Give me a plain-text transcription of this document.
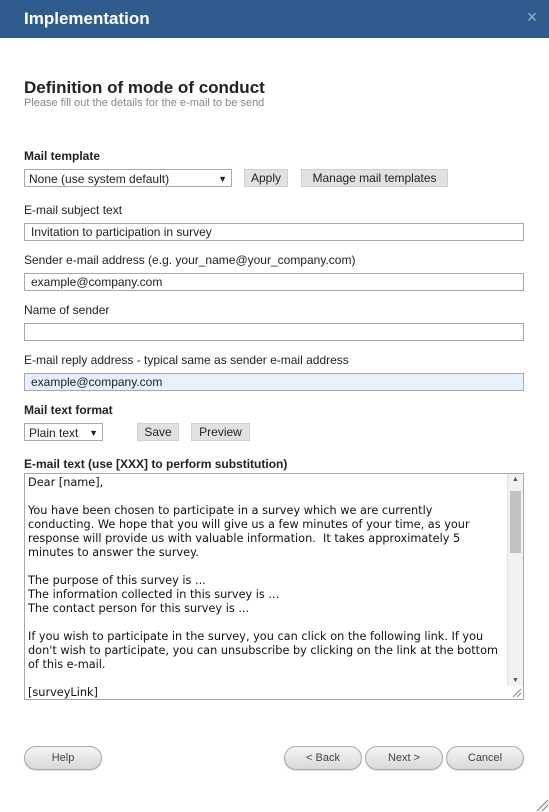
Implementation	×
Definition of mode of conduct
Please fill out the details for the e-mail to be send
Mail template
None (use system default)	▼	Apply	Manage mail templates
E-mail subject text
Invitation to participation in survey
Sender e-mail address (e.g. your_name@your_company.com)
example@company.com
Name of sender
E-mail reply address - typical same as sender e-mail address
example@company.com
Mail text format
Plain text ▼	Save	Preview
E-mail text (use [XXX] to perform substitution)
Dear [name],

You have been chosen to participate in a survey which we are currently
conducting. We hope that you will give us a few minutes of your time, as your
response will provide us with valuable information.  It takes approximately 5
minutes to answer the survey.

The purpose of this survey is ...
The information collected in this survey is ...
The contact person for this survey is ...

If you wish to participate in the survey, you can click on the following link. If you
don't wish to participate, you can unsubscribe by clicking on the link at the bottom
of this e-mail.

[surveyLink]
▲
▼
Help	< Back	Next >	Cancel
